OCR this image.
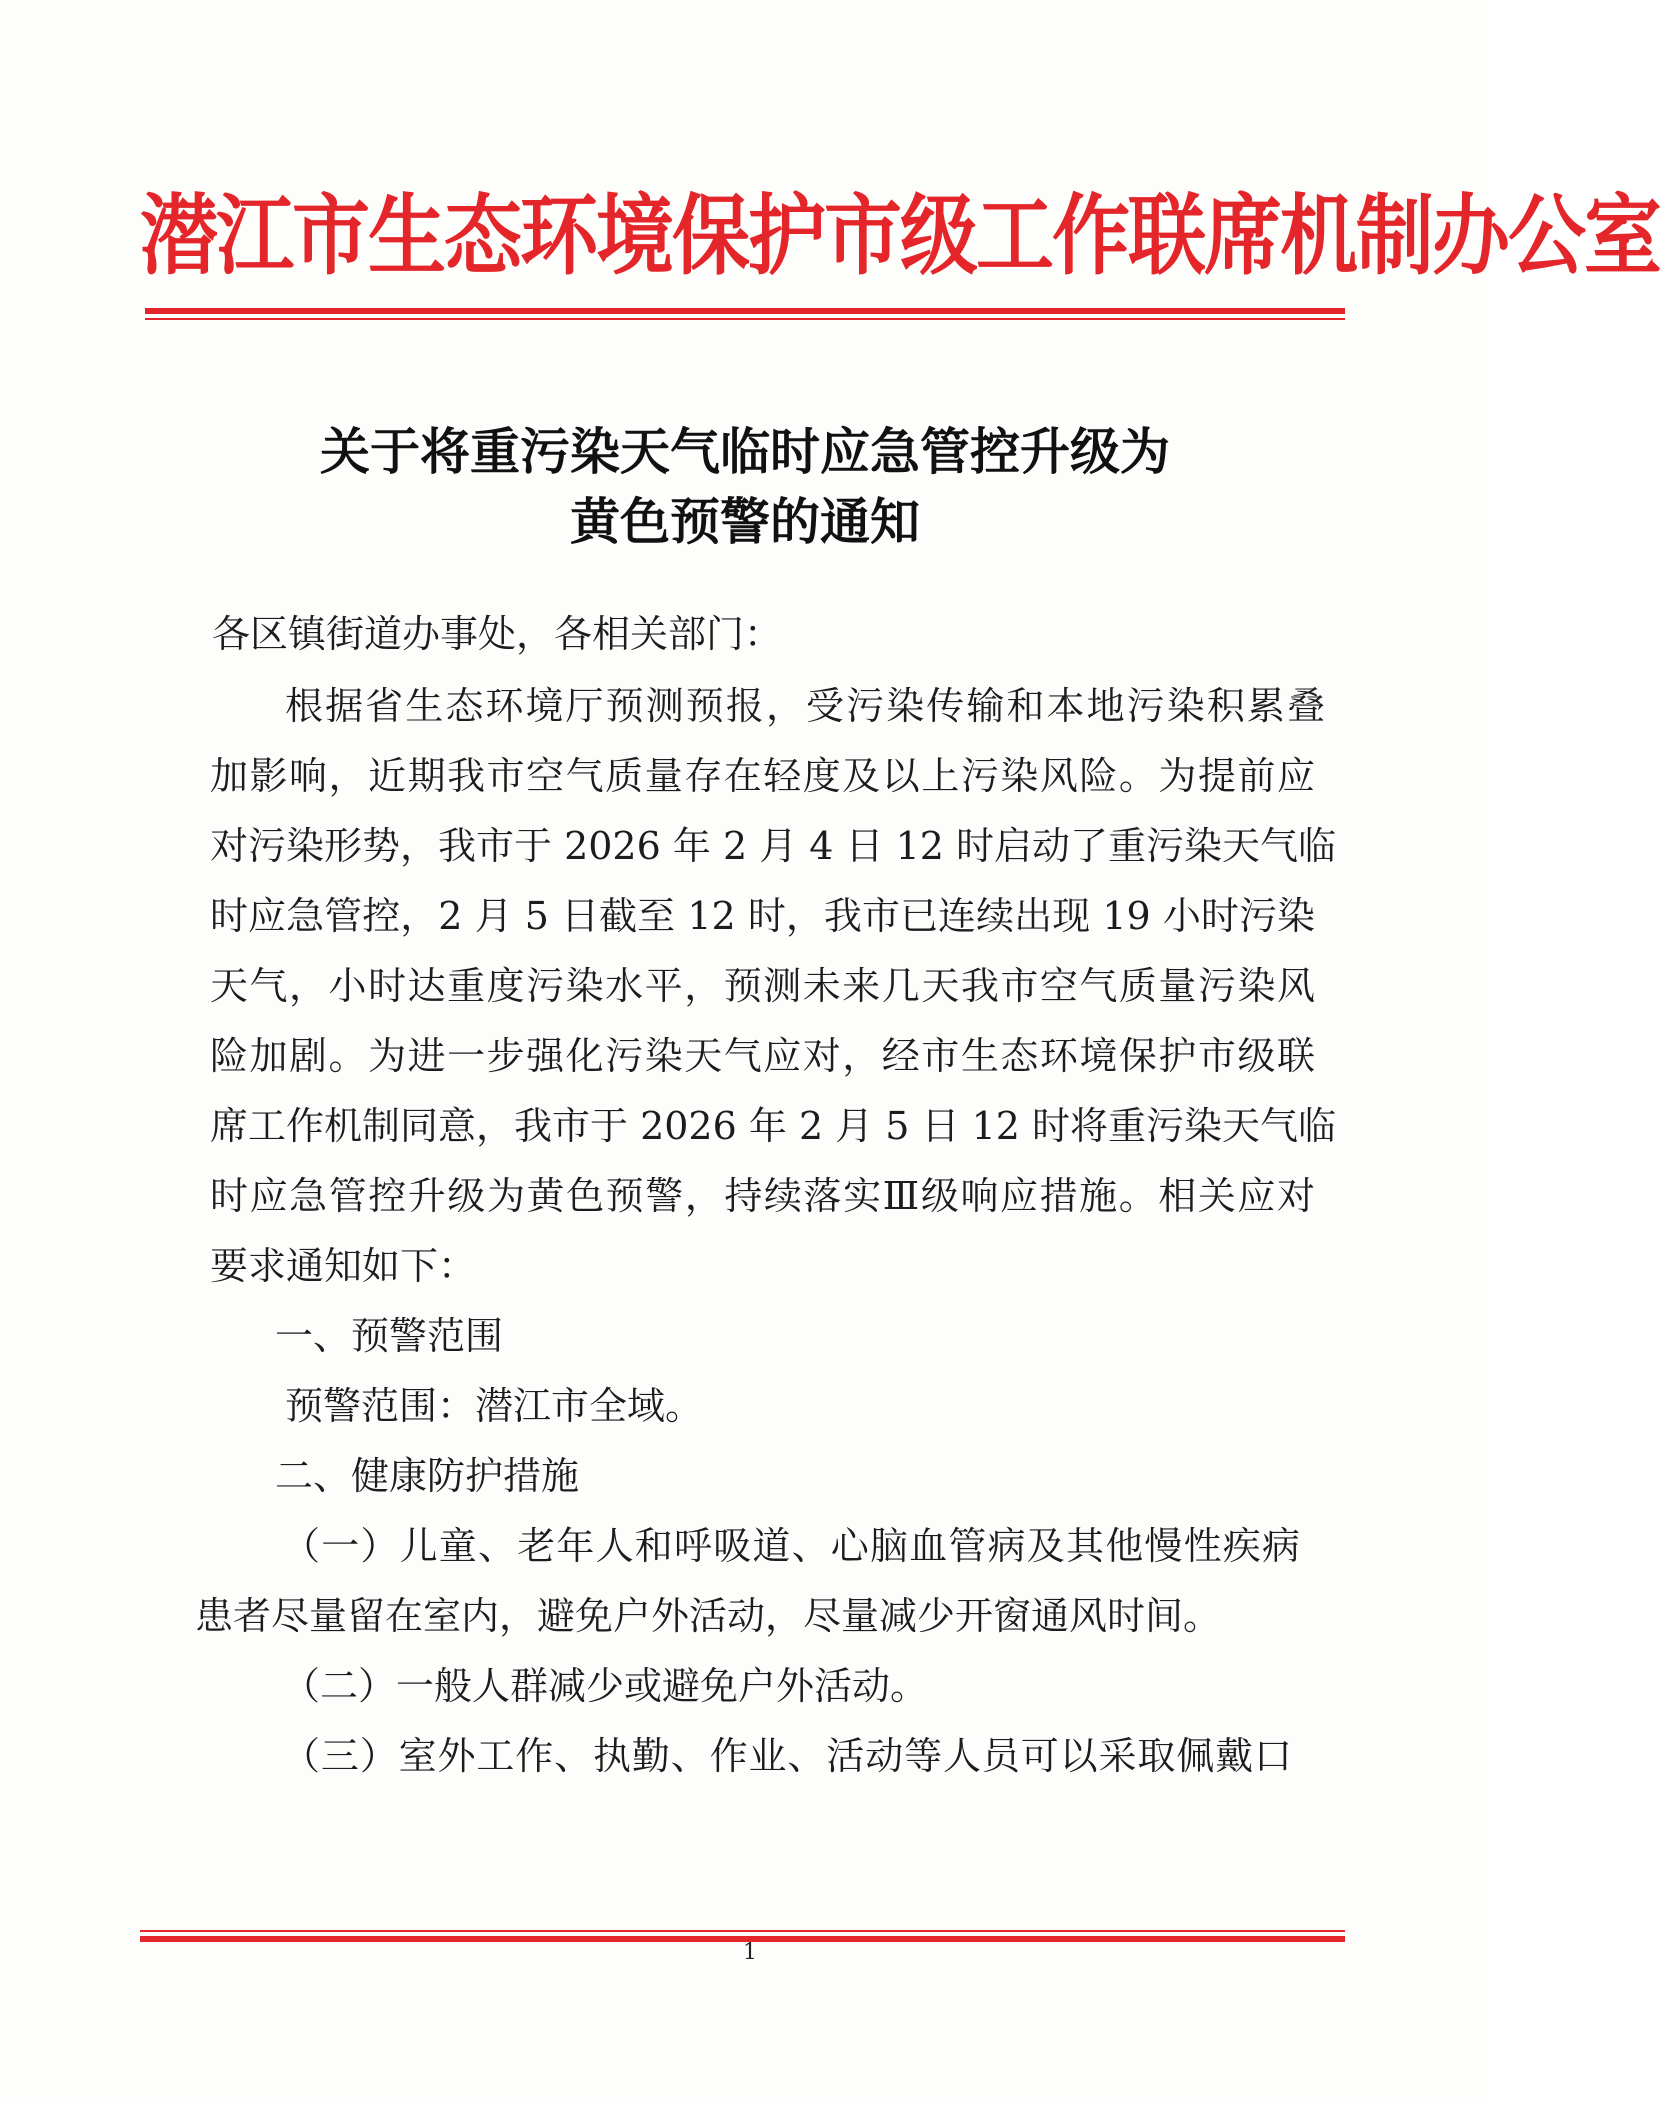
潜江市生态环境保护市级工作联席机制办公室
关于将重污染天气临时应急管控升级为
黄色预警的通知
各区镇街道办事处，各相关部门：
根据省生态环境厅预测预报，受污染传输和本地污染积累叠
加影响，近期我市空气质量存在轻度及以上污染风险。为提前应
对污染形势，我市于 2026 年 2 月 4 日 12 时启动了重污染天气临
时应急管控，2 月 5 日截至 12 时，我市已连续出现 19 小时污染
天气，小时达重度污染水平，预测未来几天我市空气质量污染风
险加剧。为进一步强化污染天气应对，经市生态环境保护市级联
席工作机制同意，我市于 2026 年 2 月 5 日 12 时将重污染天气临
时应急管控升级为黄色预警，持续落实Ⅲ级响应措施。相关应对
要求通知如下：
一、预警范围
预警范围：潜江市全域。
二、健康防护措施
（一）儿童、老年人和呼吸道、心脑血管病及其他慢性疾病
患者尽量留在室内，避免户外活动，尽量减少开窗通风时间。
（二）一般人群减少或避免户外活动。
（三）室外工作、执勤、作业、活动等人员可以采取佩戴口
1
